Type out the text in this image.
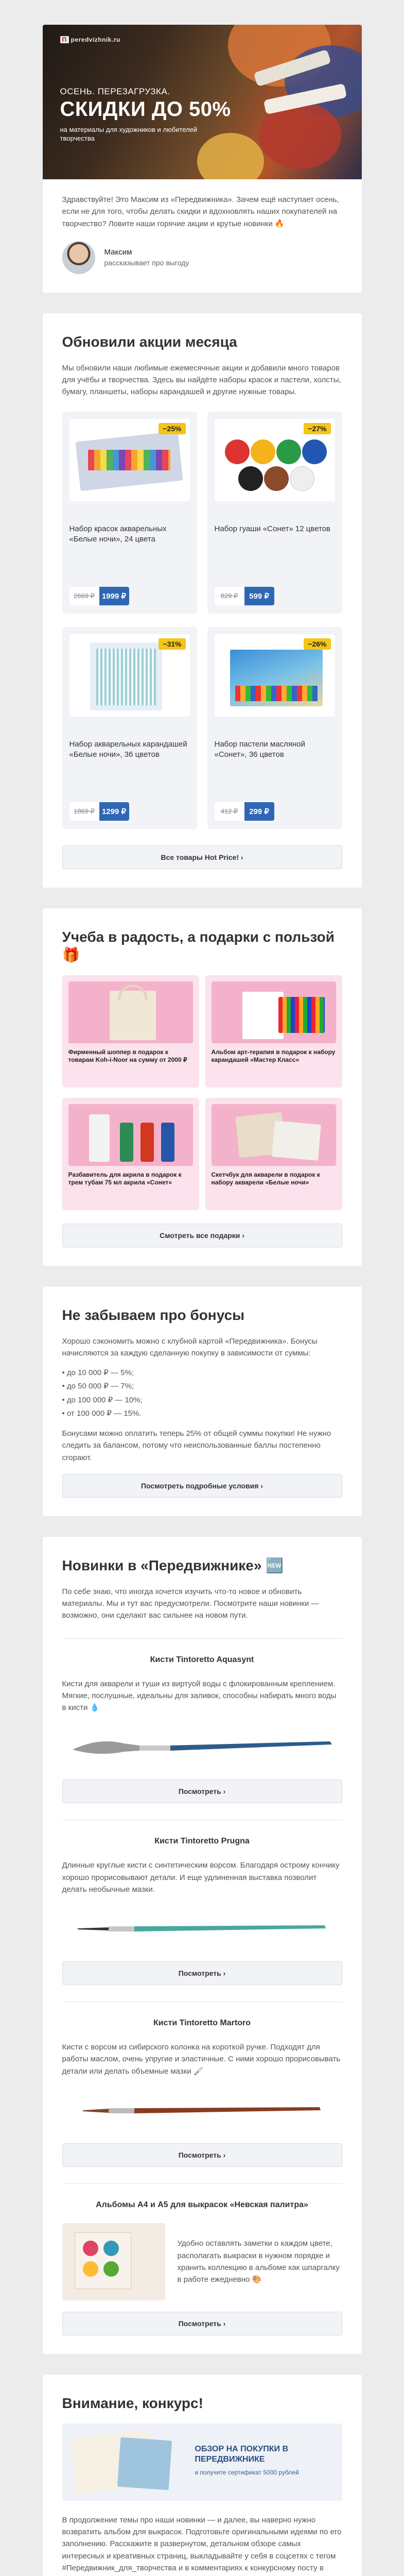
П peredvizhnik.ru
ОСЕНЬ. ПЕРЕЗАГРУЗКА.
СКИДКИ ДО 50%
на материалы для художников и любителей творчества
Здравствуйте! Это Максим из «Передвижника». Зачем ещё наступает осень, если не для того, чтобы делать скидки и вдохновлять наших покупателей на творчество? Ловите наши горячие акции и крутые новинки 🔥
Максим
рассказывает про выгоду
Обновили акции месяца
Мы обновили наши любимые ежемесячные акции и добавили много товаров для учёбы и творчества. Здесь вы найдёте наборы красок и пастели, холсты, бумагу, планшеты, наборы карандашей и другие нужные товары.
−25%
Набор красок акварельных «Белые ночи», 24 цвета
2669 ₽ 1999 ₽
−27%
Набор гуаши «Сонет» 12 цветов
829 ₽	599 ₽
−31%
Набор акварельных карандашей «Белые ночи», 36 цветов
1869 ₽ 1299 ₽
−26%
Набор пастели масляной «Сонет», 36 цветов
412 ₽	299 ₽
Все товары Hot Price! ›
Учеба в радость, а подарки с пользой 🎁
Фирменный шоппер в подарок к товарам Koh-i-Noor на сумму от 2000 ₽
Альбом арт-терапия в подарок к набору карандашей «Мастер Класс»
Разбавитель для акрила в подарок к трем тубам 75 мл акрила «Сонет»
Скетчбук для акварели в подарок к набору акварели «Белые ночи»
Смотреть все подарки ›
Не забываем про бонусы
Хорошо сэкономить можно с клубной картой «Передвижника». Бонусы начисляются за каждую сделанную покупку в зависимости от суммы:
• до 10 000 ₽ — 5%;
• до 50 000 ₽ — 7%;
• до 100 000 ₽ — 10%;
• от 100 000 ₽ — 15%.
Бонусами можно оплатить теперь 25% от общей суммы покупки! Не нужно следить за балансом, потому что неиспользованные баллы постепенно сгорают.
Посмотреть подробные условия ›
Новинки в «Передвижнике» 🆕
По себе знаю, что иногда хочется изучить что-то новое и обновить материалы. Мы и тут вас предусмотрели. Посмотрите наши новинки — возможно, они сделают вас сильнее на новом пути.
Кисти Tintoretto Aquasynt
Кисти для акварели и туши из виртуой воды с флокированным креплением. Мягкие, послушные, идеальны для заливок, способны набирать много воды в кисти 💧
Посмотреть ›
Кисти Tintoretto Prugna
Длинные круглые кисти с синтетическим ворсом. Благодаря острому кончику хорошо прорисовывают детали. И еще удлиненная выставка позволит делать необычные мазки.
Посмотреть ›
Кисти Tintoretto Martoro
Кисти с ворсом из сибирского колонка на короткой ручке. Подходят для работы маслом, очень упругие и эластичные. С ними хорошо прорисовывать детали или делать объемные мазки 🖌
Посмотреть ›
Альбомы А4 и А5 для выкрасок «Невская палитра»
Удобно оставлять заметки о каждом цвете, располагать выкраски в нужном порядке и хранить коллекцию в альбоме как шпаргалку в работе ежедневно 🎨
Посмотреть ›
Внимание, конкурс!
ОБЗОР НА ПОКУПКИ В ПЕРЕДВИЖНИКЕ
и получите сертификат 5000 рублей
В продолжение темы про наши новинки — и далее, вы наверно нужно возвратить альбом для выкрасок. Подготовьте оригинальными идеями по его заполнению. Расскажите в развернутом, детальном обзоре самых интересных и креативных страниц, выкладывайте у себя в соцсетях с тегом #Передвижник_для_творчества и в комментариях к конкурсному посту в
